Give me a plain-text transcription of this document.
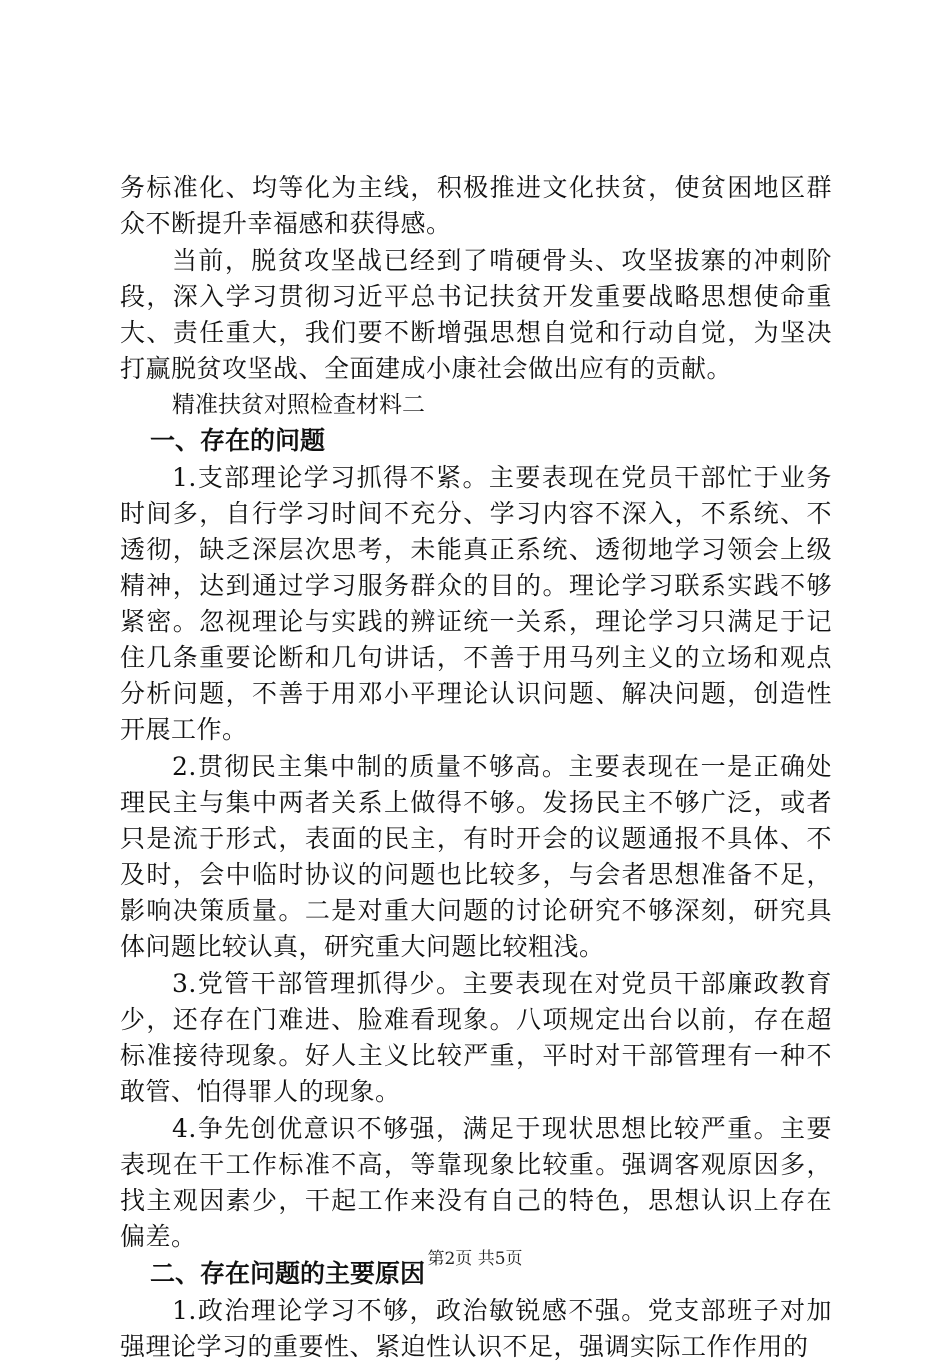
务标准化、均等化为主线，积极推进文化扶贫，使贫困地区群众不断提升幸福感和获得感。

当前，脱贫攻坚战已经到了啃硬骨头、攻坚拔寨的冲刺阶段，深入学习贯彻习近平总书记扶贫开发重要战略思想使命重大、责任重大，我们要不断增强思想自觉和行动自觉，为坚决打赢脱贫攻坚战、全面建成小康社会做出应有的贡献。

精准扶贫对照检查材料二

一、存在的问题

1.支部理论学习抓得不紧。主要表现在党员干部忙于业务时间多，自行学习时间不充分、学习内容不深入，不系统、不透彻，缺乏深层次思考，未能真正系统、透彻地学习领会上级精神，达到通过学习服务群众的目的。理论学习联系实践不够紧密。忽视理论与实践的辨证统一关系，理论学习只满足于记住几条重要论断和几句讲话，不善于用马列主义的立场和观点分析问题，不善于用邓小平理论认识问题、解决问题，创造性开展工作。

2.贯彻民主集中制的质量不够高。主要表现在一是正确处理民主与集中两者关系上做得不够。发扬民主不够广泛，或者只是流于形式，表面的民主，有时开会的议题通报不具体、不及时，会中临时协议的问题也比较多，与会者思想准备不足，影响决策质量。二是对重大问题的讨论研究不够深刻，研究具体问题比较认真，研究重大问题比较粗浅。

3.党管干部管理抓得少。主要表现在对党员干部廉政教育少，还存在门难进、脸难看现象。八项规定出台以前，存在超标准接待现象。好人主义比较严重，平时对干部管理有一种不敢管、怕得罪人的现象。

4.争先创优意识不够强，满足于现状思想比较严重。主要表现在干工作标准不高，等靠现象比较重。强调客观原因多，找主观因素少，干起工作来没有自己的特色，思想认识上存在偏差。

二、存在问题的主要原因

1.政治理论学习不够，政治敏锐感不强。党支部班子对加强理论学习的重要性、紧迫性认识不足，强调实际工作作用的

第2页 共5页
